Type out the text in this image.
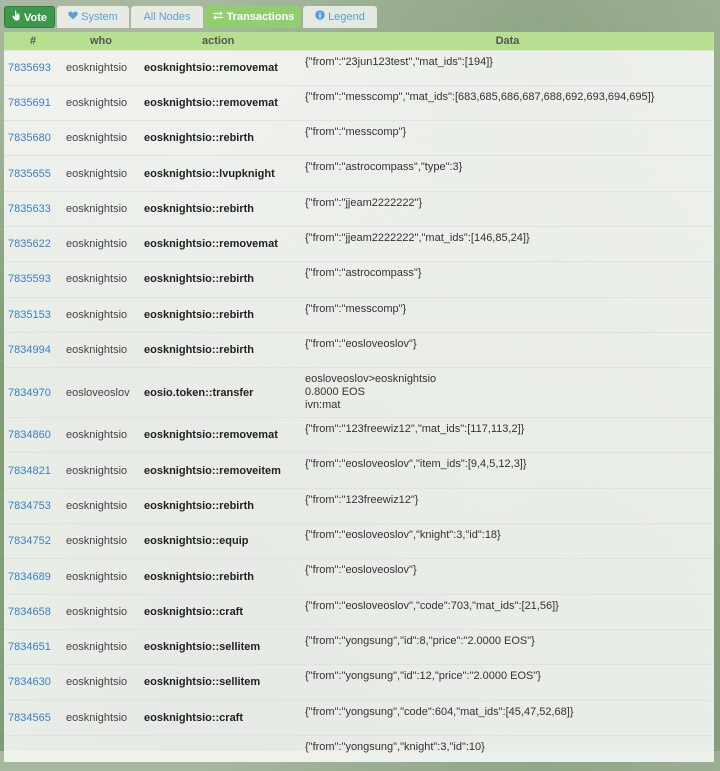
Vote	System	All Nodes	Transactions	Legend
#	who	action	Data
7835693	eosknightsio	eosknightsio::removemat	{"from":"23jun123test","mat_ids":[194]}
7835691	eosknightsio	eosknightsio::removemat	{"from":"messcomp","mat_ids":[683,685,686,687,688,692,693,694,695]}
7835680	eosknightsio	eosknightsio::rebirth	{"from":"messcomp"}
7835655	eosknightsio	eosknightsio::lvupknight	{"from":"astrocompass","type":3}
7835633	eosknightsio	eosknightsio::rebirth	{"from":"jjeam2222222"}
7835622	eosknightsio	eosknightsio::removemat	{"from":"jjeam2222222","mat_ids":[146,85,24]}
7835593	eosknightsio	eosknightsio::rebirth	{"from":"astrocompass"}
7835153	eosknightsio	eosknightsio::rebirth	{"from":"messcomp"}
7834994	eosknightsio	eosknightsio::rebirth	{"from":"eosloveoslov"}
7834970	eosloveoslov	eosio.token::transfer	eosloveoslov>eosknightsio
0.8000 EOS
ivn:mat

7834860	eosknightsio	eosknightsio::removemat	{"from":"123freewiz12","mat_ids":[117,113,2]}
7834821	eosknightsio	eosknightsio::removeitem	{"from":"eosloveoslov","item_ids":[9,4,5,12,3]}
7834753	eosknightsio	eosknightsio::rebirth	{"from":"123freewiz12"}
7834752	eosknightsio	eosknightsio::equip	{"from":"eosloveoslov","knight":3,"id":18}
7834689	eosknightsio	eosknightsio::rebirth	{"from":"eosloveoslov"}
7834658	eosknightsio	eosknightsio::craft	{"from":"eosloveoslov","code":703,"mat_ids":[21,56]}
7834651	eosknightsio	eosknightsio::sellitem	{"from":"yongsung","id":8,"price":"2.0000 EOS"}
7834630	eosknightsio	eosknightsio::sellitem	{"from":"yongsung","id":12,"price":"2.0000 EOS"}
7834565	eosknightsio	eosknightsio::craft	{"from":"yongsung","code":604,"mat_ids":[45,47,52,68]}
			{"from":"yongsung","knight":3,"id":10}
